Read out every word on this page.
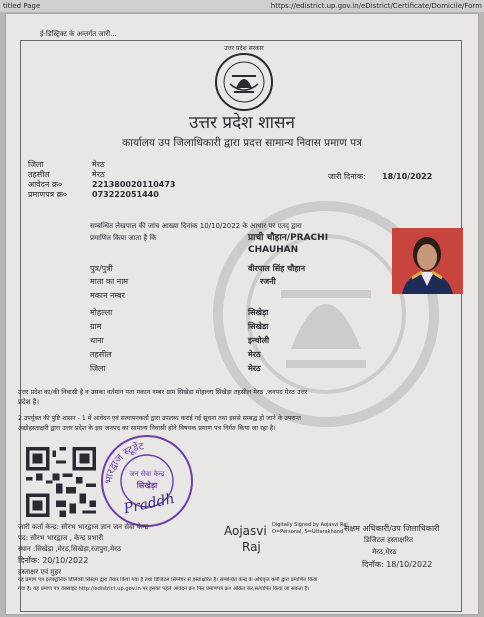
titled Page	https://edistrict.up.gov.in/eDistrict/Certificate/Domicile/Form
ई-डिस्ट्रिक्ट के अन्तर्गत जारी...
उत्तर प्रदेश सरकार
उत्तर प्रदेश शासन
कार्यालय उप जिलाधिकारी द्वारा प्रदत्त सामान्य निवास प्रमाण पत्र
जिला	मेरठ
तहसील	मेरठ
आवेदन क्र०	221380020110473
प्रमाणपत्र क्र०	073222051440
जारी दिनांक: 18/10/2022
सम्बन्धित लेखपाल की जांच आख्या दिनांक 10/10/2022 के आधार पर एतद् द्वारा
प्रमाणित किया जाता है कि	प्राची चौहान/PRACHI
CHAUHAN
पुत्र/पुत्री	वीरपाल सिंह चौहान
माता का नाम	रजनी
मकान नम्बर
मोहल्ला	सिखेड़ा
ग्राम	सिखेडा
थाना	इन्चोली
तहसील	मेरठ
जिला	मेरठ
उत्तर प्रदेश का/की निवासी है व उसका वर्तमान पता मकान नम्बर ग्राम सिखेडा मोहल्ला सिखेड़ा तहसील मेरठ ,जनपद मेरठ उत्तर
प्रदेश है।
2.उपर्युक्त की पुष्टि शासन - 1 में आवेदन एवं सत्यापनकर्ता द्वारा उपलब्ध कराई गई सूचना तथा इससे सम्बद्ध हो जाने के उपरान्त
अद्योहस्ताक्षरी द्वारा उत्तर प्रदेश के इस जनपद का सामान्य निवासी होने विषयक प्रमाण पत्र निर्गत किया जा रहा है।
भारद्वाज स्टूडेंट
जन सेवा केन्द्र
सिखेड़ा
Praddh
जारी कर्ता केन्द्र: सौरभ भारद्वाज ज्ञान जन सेवा केन्द्र
पद: सौरभ भारद्वाज , केन्द्र प्रभारी
स्थान :सिखेड़ा ,मेरठ,सिखेड़ा,रजपुरा,मेरठ
दिनॉक: 20/10/2022
हस्ताक्षर एवं मुहर
Aojasvi
Raj
Digitally Signed by Aojasvi Raj O=Personal, S=Uttarakhand सक्षम अधिकारी/उप जिलाधिकारी
डिजिटल हस्ताक्षरित
मेरठ,मेरठ
दिनॉक: 18/10/2022
यह प्रमाण पत्र इलेक्ट्रॉनिक डिलिवरी सिस्टम द्वारा तैयार किया गया है तथा डिजिटल सिग्नेचर से हस्ताक्षरित है। सम्बन्धित केन्द्र के अधिकृत कर्मी द्वारा प्रमाणित किया
गया है। यह प्रमाण पत्र वेबसाइट http://edistrict.up.gov.in पर इसका पहले आवेदन क्र० फिर प्रमाणपत्र क्र० अंकित कर,सत्यापित किया जा सकता है।
